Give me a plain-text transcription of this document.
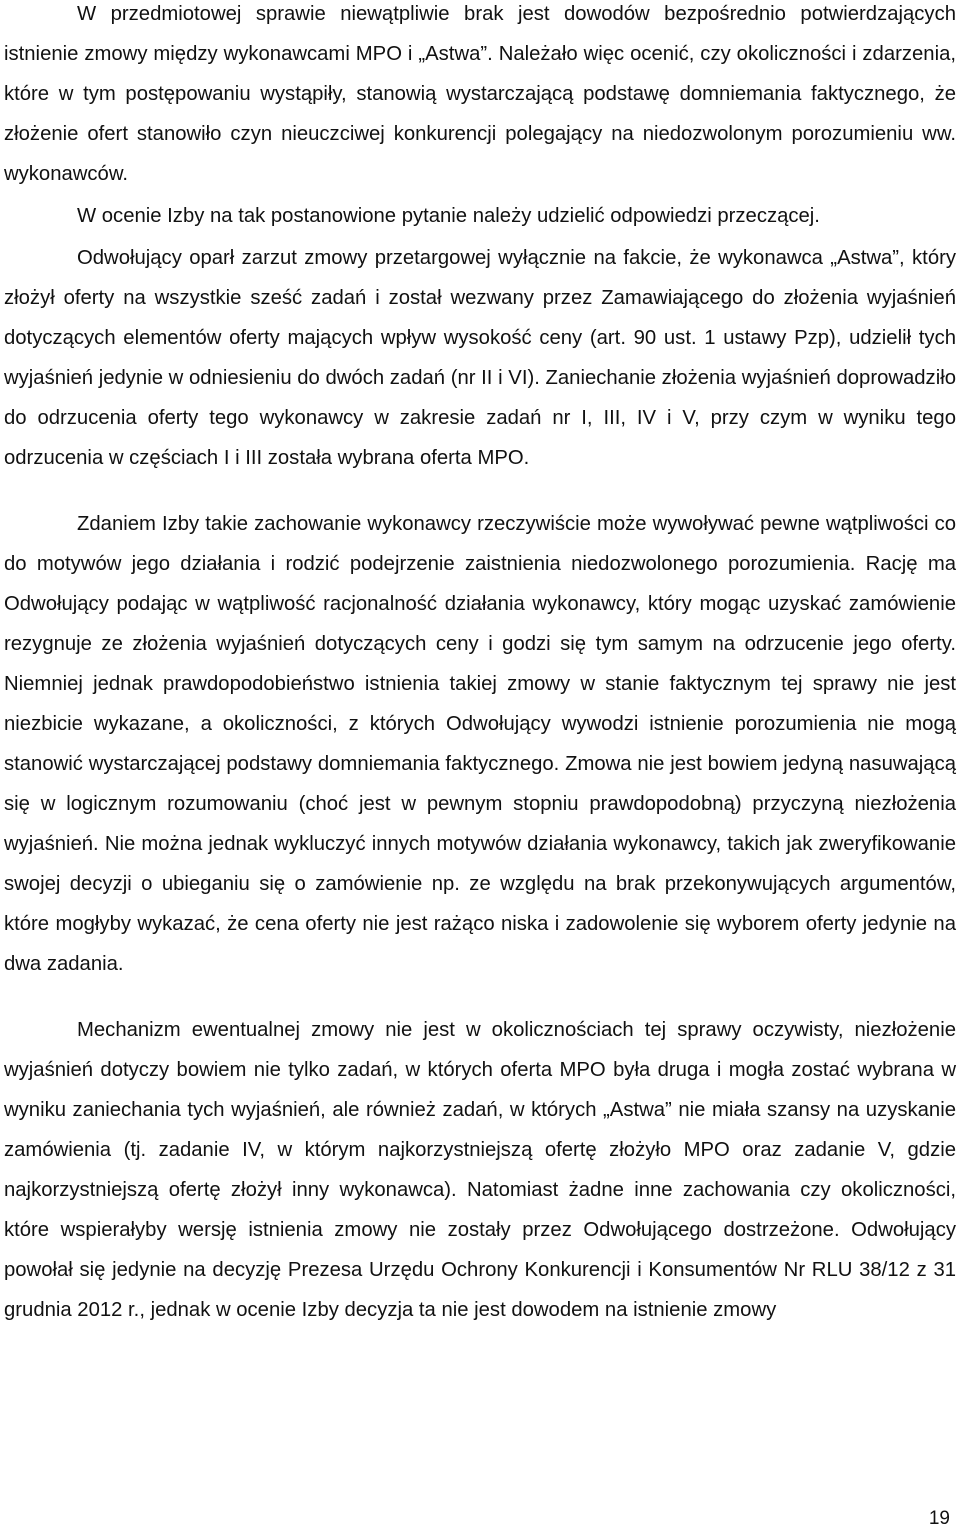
W przedmiotowej sprawie niewątpliwie brak jest dowodów bezpośrednio potwierdzających istnienie zmowy między wykonawcami MPO i „Astwa”. Należało więc ocenić, czy okoliczności i zdarzenia, które w tym postępowaniu wystąpiły, stanowią wystarczającą podstawę domniemania faktycznego, że złożenie ofert stanowiło czyn nieuczciwej konkurencji polegający na niedozwolonym porozumieniu ww. wykonawców.

W ocenie Izby na tak postanowione pytanie należy udzielić odpowiedzi przeczącej.

Odwołujący oparł zarzut zmowy przetargowej wyłącznie na fakcie, że wykonawca „Astwa”, który złożył oferty na wszystkie sześć zadań i został wezwany przez Zamawiającego do złożenia wyjaśnień dotyczących elementów oferty mających wpływ wysokość ceny (art. 90 ust. 1 ustawy Pzp), udzielił tych wyjaśnień jedynie w odniesieniu do dwóch zadań (nr II i VI). Zaniechanie złożenia wyjaśnień doprowadziło do odrzucenia oferty tego wykonawcy w zakresie zadań nr I, III, IV i V, przy czym w wyniku tego odrzucenia w częściach I i III została wybrana oferta MPO.

Zdaniem Izby takie zachowanie wykonawcy rzeczywiście może wywoływać pewne wątpliwości co do motywów jego działania i rodzić podejrzenie zaistnienia niedozwolonego porozumienia. Rację ma Odwołujący podając w wątpliwość racjonalność działania wykonawcy, który mogąc uzyskać zamówienie rezygnuje ze złożenia wyjaśnień dotyczących ceny i godzi się tym samym na odrzucenie jego oferty. Niemniej jednak prawdopodobieństwo istnienia takiej zmowy w stanie faktycznym tej sprawy nie jest niezbicie wykazane, a okoliczności, z których Odwołujący wywodzi istnienie porozumienia nie mogą stanowić wystarczającej podstawy domniemania faktycznego. Zmowa nie jest bowiem jedyną nasuwającą się w logicznym rozumowaniu (choć jest w pewnym stopniu prawdopodobną) przyczyną niezłożenia wyjaśnień. Nie można jednak wykluczyć innych motywów działania wykonawcy, takich jak zweryfikowanie swojej decyzji o ubieganiu się o zamówienie np. ze względu na brak przekonywujących argumentów, które mogłyby wykazać, że cena oferty nie jest rażąco niska i zadowolenie się wyborem oferty jedynie na dwa zadania.

Mechanizm ewentualnej zmowy nie jest w okolicznościach tej sprawy oczywisty, niezłożenie wyjaśnień dotyczy bowiem nie tylko zadań, w których oferta MPO była druga i mogła zostać wybrana w wyniku zaniechania tych wyjaśnień, ale również zadań, w których „Astwa” nie miała szansy na uzyskanie zamówienia (tj. zadanie IV, w którym najkorzystniejszą ofertę złożyło MPO oraz zadanie V, gdzie najkorzystniejszą ofertę złożył inny wykonawca). Natomiast żadne inne zachowania czy okoliczności, które wspierałyby wersję istnienia zmowy nie zostały przez Odwołującego dostrzeżone. Odwołujący powołał się jedynie na decyzję Prezesa Urzędu Ochrony Konkurencji i Konsumentów Nr RLU 38/12 z 31 grudnia 2012 r., jednak w ocenie Izby decyzja ta nie jest dowodem na istnienie zmowy

19
